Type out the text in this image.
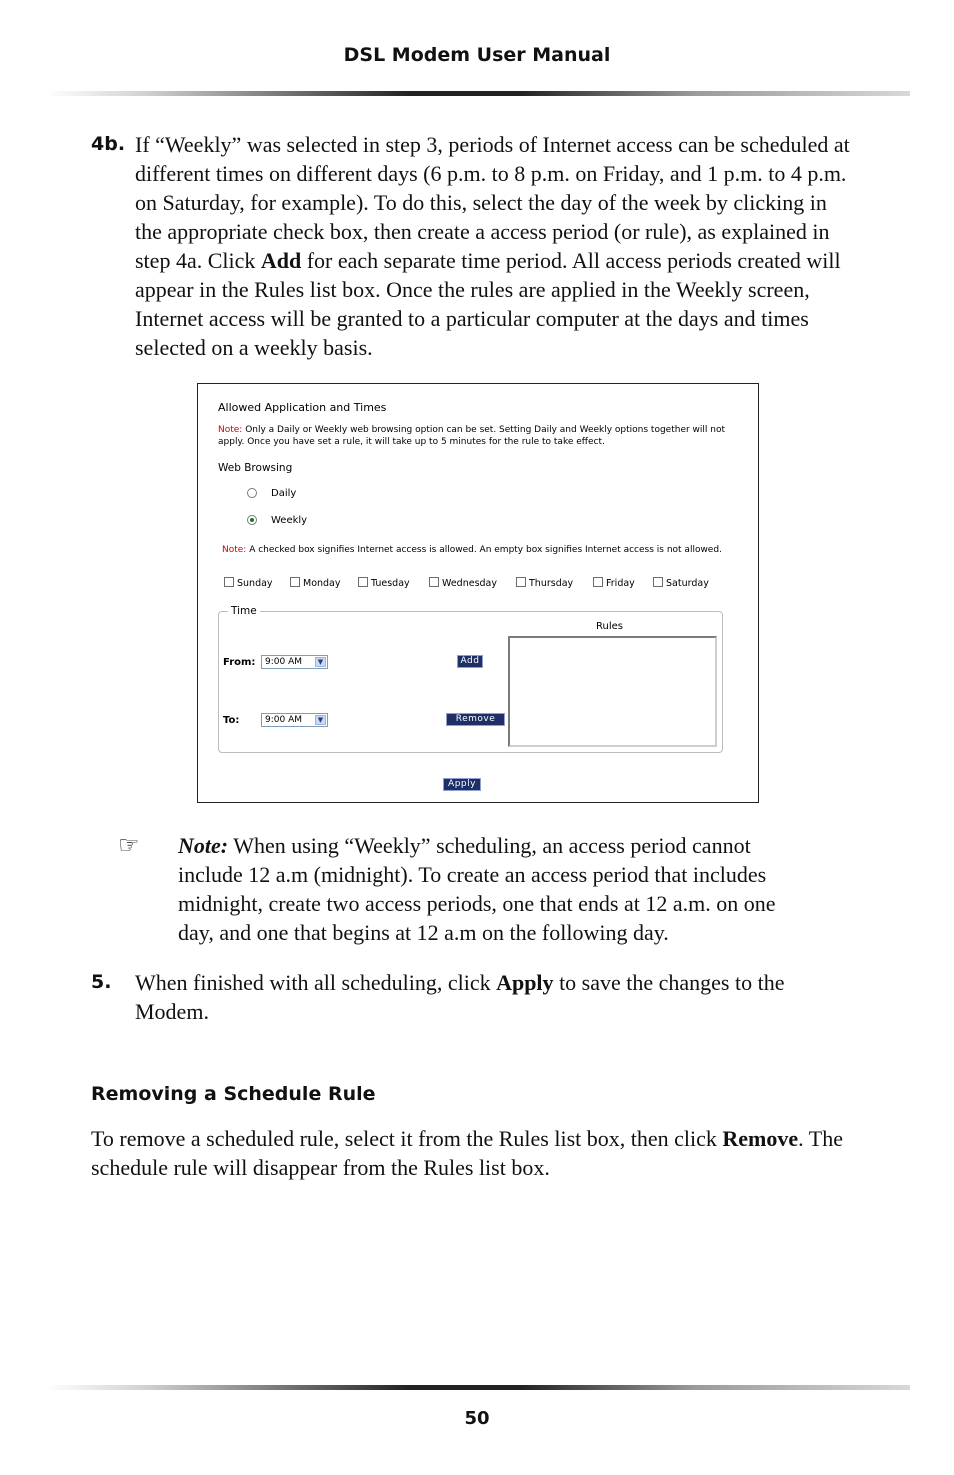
DSL Modem User Manual
4b. If “Weekly” was selected in step 3, periods of Internet access can be scheduled at different times on different days (6 p.m. to 8 p.m. on Friday, and 1 p.m. to 4 p.m. on Saturday, for example). To do this, select the day of the week by clicking in the appropriate check box, then create a access period (or rule), as explained in step 4a. Click Add for each separate time period. All access periods created will appear in the Rules list box. Once the rules are applied in the Weekly screen, Internet access will be granted to a particular computer at the days and times selected on a weekly basis.
Allowed Application and Times
Note: Only a Daily or Weekly web browsing option can be set. Setting Daily and Weekly options together will not apply. Once you have set a rule, it will take up to 5 minutes for the rule to take effect.
Web Browsing
Daily
Weekly
Note: A checked box signifies Internet access is allowed. An empty box signifies Internet access is not allowed.
Sunday	Monday	Tuesday	Wednesday	Thursday	Friday	Saturday
Time
Rules
From:	9:00 AM	▼	Add
To:	9:00 AM	▼	Remove
Apply
☞ Note: When using “Weekly” scheduling, an access period cannot include 12 a.m (midnight). To create an access period that includes midnight, create two access periods, one that ends at 12 a.m. on one day, and one that begins at 12 a.m on the following day.
5. When finished with all scheduling, click Apply to save the changes to the Modem.
Removing a Schedule Rule
To remove a scheduled rule, select it from the Rules list box, then click Remove. The schedule rule will disappear from the Rules list box.
50
